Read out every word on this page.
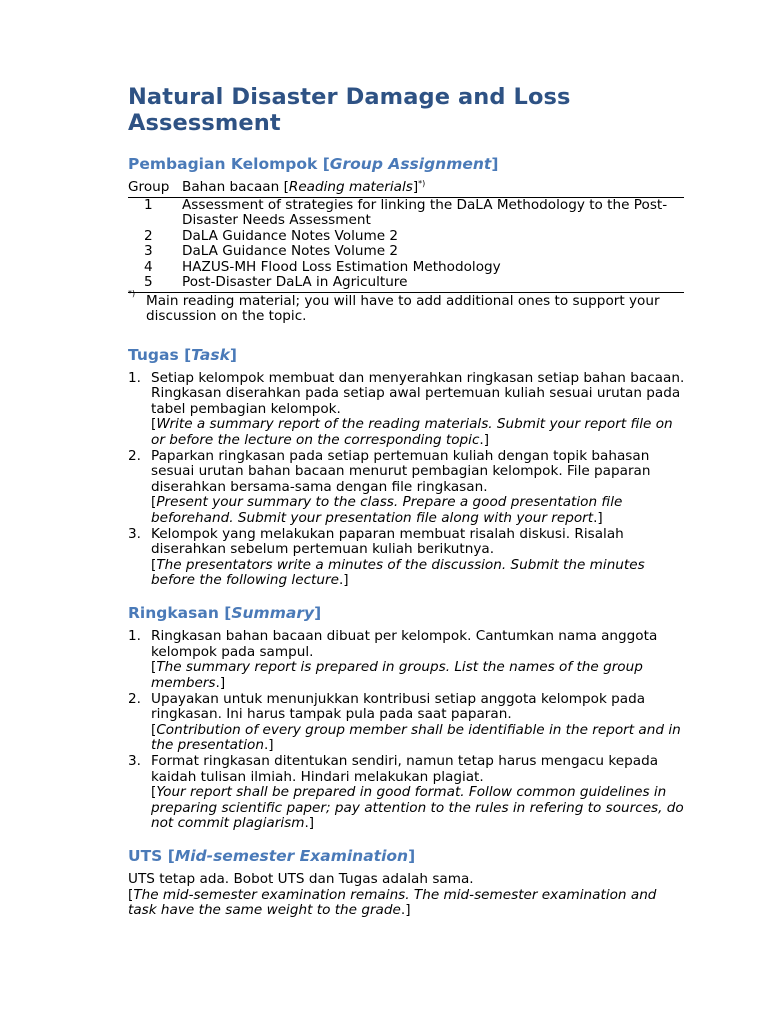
Natural Disaster Damage and Loss Assessment
Pembagian Kelompok [Group Assignment]
Group	Bahan bacaan [Reading materials]*)
1	Assessment of strategies for linking the DaLA Methodology to the Post-Disaster Needs Assessment
2	DaLA Guidance Notes Volume 2
3	DaLA Guidance Notes Volume 2
4	HAZUS-MH Flood Loss Estimation Methodology
5	Post-Disaster DaLA in Agriculture
*) Main reading material; you will have to add additional ones to support your discussion on the topic.
Tugas [Task]
1. Setiap kelompok membuat dan menyerahkan ringkasan setiap bahan bacaan. Ringkasan diserahkan pada setiap awal pertemuan kuliah sesuai urutan pada tabel pembagian kelompok.
[Write a summary report of the reading materials. Submit your report file on or before the lecture on the corresponding topic.]
2. Paparkan ringkasan pada setiap pertemuan kuliah dengan topik bahasan sesuai urutan bahan bacaan menurut pembagian kelompok. File paparan diserahkan bersama-sama dengan file ringkasan.
[Present your summary to the class. Prepare a good presentation file beforehand. Submit your presentation file along with your report.]
3. Kelompok yang melakukan paparan membuat risalah diskusi. Risalah diserahkan sebelum pertemuan kuliah berikutnya.
[The presentators write a minutes of the discussion. Submit the minutes before the following lecture.]
Ringkasan [Summary]
1. Ringkasan bahan bacaan dibuat per kelompok. Cantumkan nama anggota kelompok pada sampul.
[The summary report is prepared in groups. List the names of the group members.]
2. Upayakan untuk menunjukkan kontribusi setiap anggota kelompok pada ringkasan. Ini harus tampak pula pada saat paparan.
[Contribution of every group member shall be identifiable in the report and in the presentation.]
3. Format ringkasan ditentukan sendiri, namun tetap harus mengacu kepada kaidah tulisan ilmiah. Hindari melakukan plagiat.
[Your report shall be prepared in good format. Follow common guidelines in preparing scientific paper; pay attention to the rules in refering to sources, do not commit plagiarism.]
UTS [Mid-semester Examination]
UTS tetap ada. Bobot UTS dan Tugas adalah sama.
[The mid-semester examination remains. The mid-semester examination and task have the same weight to the grade.]
